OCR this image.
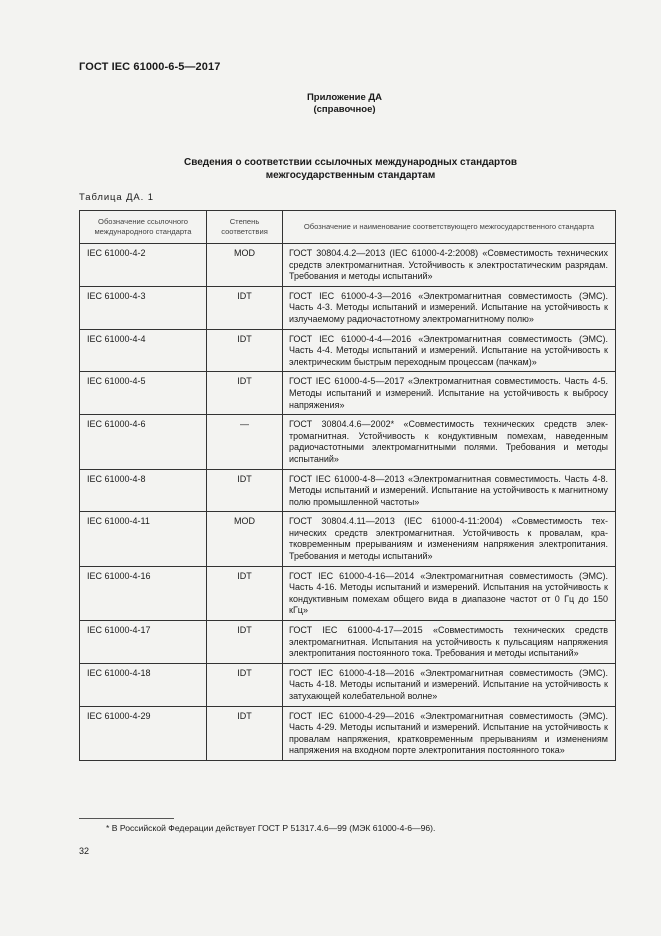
ГОСТ IEC 61000-6-5—2017
Приложение ДА
(справочное)
Сведения о соответствии ссылочных международных стандартов
межгосударственным стандартам
Таблица ДА. 1
Обозначение ссылочного международного стандарта	Степень соответствия	Обозначение и наименование соответствующего межгосударственного стандарта
IEC 61000-4-2	MOD	ГОСТ 30804.4.2—2013 (IEC 61000-4-2:2008) «Совместимость технических средств электромагнитная. Устойчивость к электростатическим разрядам. Требования и методы испытаний»
IEC 61000-4-3	IDT	ГОСТ IEC 61000-4-3—2016 «Электромагнитная совместимость (ЭМС). Часть 4-3. Методы испытаний и измерений. Испытание на устойчивость к излучаемому радиочастотному электромагнитному полю»
IEC 61000-4-4	IDT	ГОСТ IEC 61000-4-4—2016 «Электромагнитная совместимость (ЭМС). Часть 4-4. Методы испытаний и измерений. Испытание на устойчивость к электрическим быстрым переходным процессам (пачкам)»
IEC 61000-4-5	IDT	ГОСТ IEC 61000-4-5—2017 «Электромагнитная совместимость. Часть 4-5. Методы испытаний и измерений. Испытание на устойчивость к выбросу напряжения»
IEC 61000-4-6	—	ГОСТ 30804.4.6—2002* «Совместимость технических средств электромагнитная. Устойчивость к кондуктивным помехам, наведенным радиочастотными электромагнитными полями. Требования и методы испытаний»
IEC 61000-4-8	IDT	ГОСТ IEC 61000-4-8—2013 «Электромагнитная совместимость. Часть 4-8. Методы испытаний и измерений. Испытание на устойчивость к магнитному полю промышленной частоты»
IEC 61000-4-11	MOD	ГОСТ 30804.4.11—2013 (IEC 61000-4-11:2004) «Совместимость технических средств электромагнитная. Устойчивость к провалам, кратковременным прерываниям и изменениям напряжения электропитания. Требования и методы испытаний»
IEC 61000-4-16	IDT	ГОСТ IEC 61000-4-16—2014 «Электромагнитная совместимость (ЭМС). Часть 4-16. Методы испытаний и измерений. Испытания на устойчивость к кондуктивным помехам общего вида в диапазоне частот от 0 Гц до 150 кГц»
IEC 61000-4-17	IDT	ГОСТ IEC 61000-4-17—2015 «Совместимость технических средств электромагнитная. Испытания на устойчивость к пульсациям напряжения электропитания постоянного тока. Требования и методы испытаний»
IEC 61000-4-18	IDT	ГОСТ IEC 61000-4-18—2016 «Электромагнитная совместимость (ЭМС). Часть 4-18. Методы испытаний и измерений. Испытание на устойчивость к затухающей колебательной волне»
IEC 61000-4-29	IDT	ГОСТ IEC 61000-4-29—2016 «Электромагнитная совместимость (ЭМС). Часть 4-29. Методы испытаний и измерений. Испытание на устойчивость к провалам напряжения, кратковременным прерываниям и изменениям напряжения на входном порте электропитания постоянного тока»
* В Российской Федерации действует ГОСТ Р 51317.4.6—99 (МЭК 61000-4-6—96).
32
